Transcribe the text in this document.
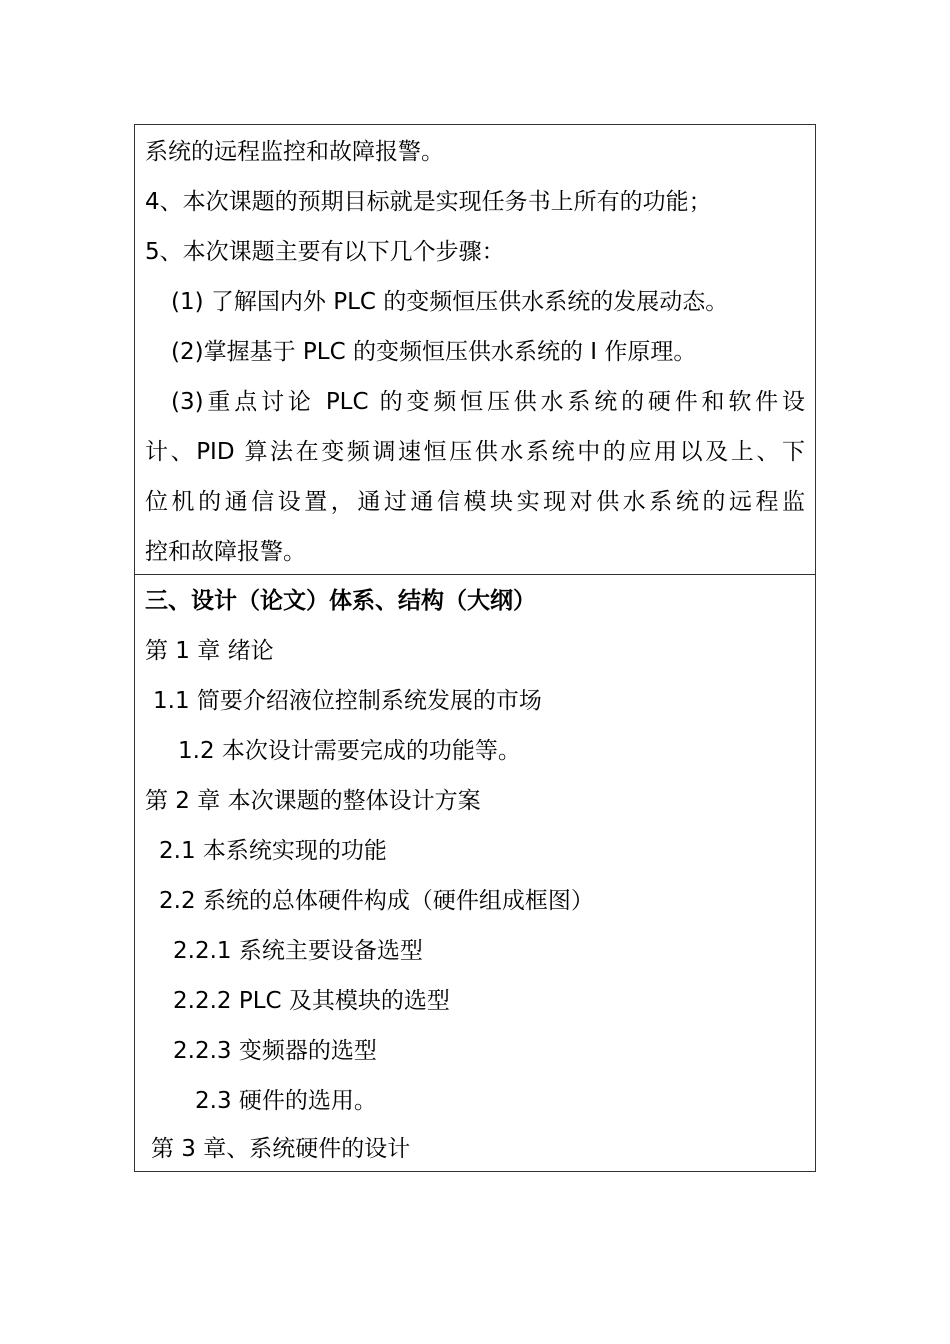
系统的远程监控和故障报警。
4、本次课题的预期目标就是实现任务书上所有的功能；
5、本次课题主要有以下几个步骤：
(1) 了解国内外 PLC 的变频恒压供水系统的发展动态。
(2)掌握基于 PLC 的变频恒压供水系统的 I 作原理。
(3)重点讨论 PLC 的变频恒压供水系统的硬件和软件设
计、PID 算法在变频调速恒压供水系统中的应用以及上、下
位机的通信设置，通过通信模块实现对供水系统的远程监
控和故障报警。
三、设计（论文）体系、结构（大纲）
第 1 章 绪论
1.1 简要介绍液位控制系统发展的市场
1.2 本次设计需要完成的功能等。
第 2 章 本次课题的整体设计方案
2.1 本系统实现的功能
2.2 系统的总体硬件构成（硬件组成框图）
2.2.1 系统主要设备选型
2.2.2 PLC 及其模块的选型
2.2.3 变频器的选型
2.3 硬件的选用。
第 3 章、系统硬件的设计
